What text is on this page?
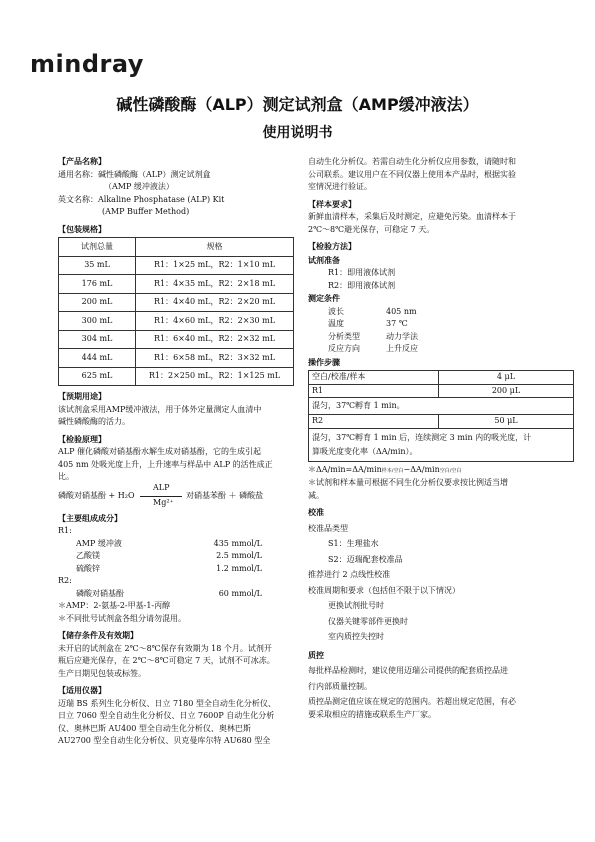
mindray
碱性磷酸酶（ALP）测定试剂盒（AMP缓冲液法）
使用说明书
【产品名称】
通用名称： 碱性磷酸酶（ALP）测定试剂盒
（AMP 缓冲液法）
英文名称： Alkaline Phosphatase (ALP) Kit
(AMP Buffer Method)
【包装规格】
试剂总量	规格
35 mL	R1：1×25 mL，R2：1×10 mL
176 mL	R1：4×35 mL，R2：2×18 mL
200 mL	R1：4×40 mL，R2：2×20 mL
300 mL	R1：4×60 mL，R2：2×30 mL
304 mL	R1：6×40 mL，R2：2×32 mL
444 mL	R1：6×58 mL，R2：3×32 mL
625 mL	R1：2×250 mL，R2：1×125 mL
【预期用途】
该试剂盒采用AMP缓冲液法，用于体外定量测定人血清中
碱性磷酸酶的活力。
【检验原理】
ALP 催化磷酸对硝基酚水解生成对硝基酚，它的生成引起
405 nm 处吸光度上升，上升速率与样品中 ALP 的活性成正
比。
磷酸对硝基酚 + H₂O
ALP
Mg²⁺
对硝基苯酚 ＋ 磷酸盐
【主要组成成分】
R1:
AMP 缓冲液	435 mmol/L
乙酸镁	2.5 mmol/L
硫酸锌	1.2 mmol/L
R2:
磷酸对硝基酚	60 mmol/L
＊AMP：2-氨基-2-甲基-1-丙醇
＊不同批号试剂盒各组分请勿混用。
【储存条件及有效期】
未开启的试剂盒在 2℃～8℃保存有效期为 18 个月。试剂开
瓶后应避光保存，在 2℃～8℃可稳定 7 天，试剂不可冰冻。
生产日期见包装或标签。
【适用仪器】
迈瑞 BS 系列生化分析仪、日立 7180 型全自动生化分析仪、
日立 7060 型全自动生化分析仪、日立 7600P 自动生化分析
仪、奥林巴斯 AU400 型全自动生化分析仪、奥林巴斯
AU2700 型全自动生化分析仪、贝克曼库尔特 AU680 型全
自动生化分析仪。若需自动生化分析仪应用参数，请随时和
公司联系。建议用户在不同仪器上使用本产品时，根据实验
室情况进行验证。
【样本要求】
新鲜血清样本，采集后及时测定，应避免污染。血清样本于
2℃～8℃避光保存，可稳定 7 天。
【检验方法】
试剂准备
R1：即用液体试剂
R2：即用液体试剂
测定条件
波长	405 nm
温度	37 ℃
分析类型	动力学法
反应方向	上升反应
操作步骤
空白/校准/样本	4 μL
R1	200 μL
混匀，37℃孵育 1 min。	
R2	50 μL

混匀，37℃孵育 1 min 后，连续测定 3 min 内的吸光度，计
算吸光度变化率（ΔA/min）。	
＊ΔA/min=ΔA/min样本/空白−ΔA/min空白/空白
＊试剂和样本量可根据不同生化分析仪要求按比例适当增
减。
校准
校准品类型
S1：生理盐水
S2：迈瑞配套校准品
推荐进行 2 点线性校准
校准周期和要求（包括但不限于以下情况）
更换试剂批号时
仪器关键零部件更换时
室内质控失控时
质控
每批样品检测时，建议使用迈瑞公司提供的配套质控品进
行内部质量控制。
质控品测定值应该在规定的范围内。若超出规定范围，有必
要采取相应的措施或联系生产厂家。
